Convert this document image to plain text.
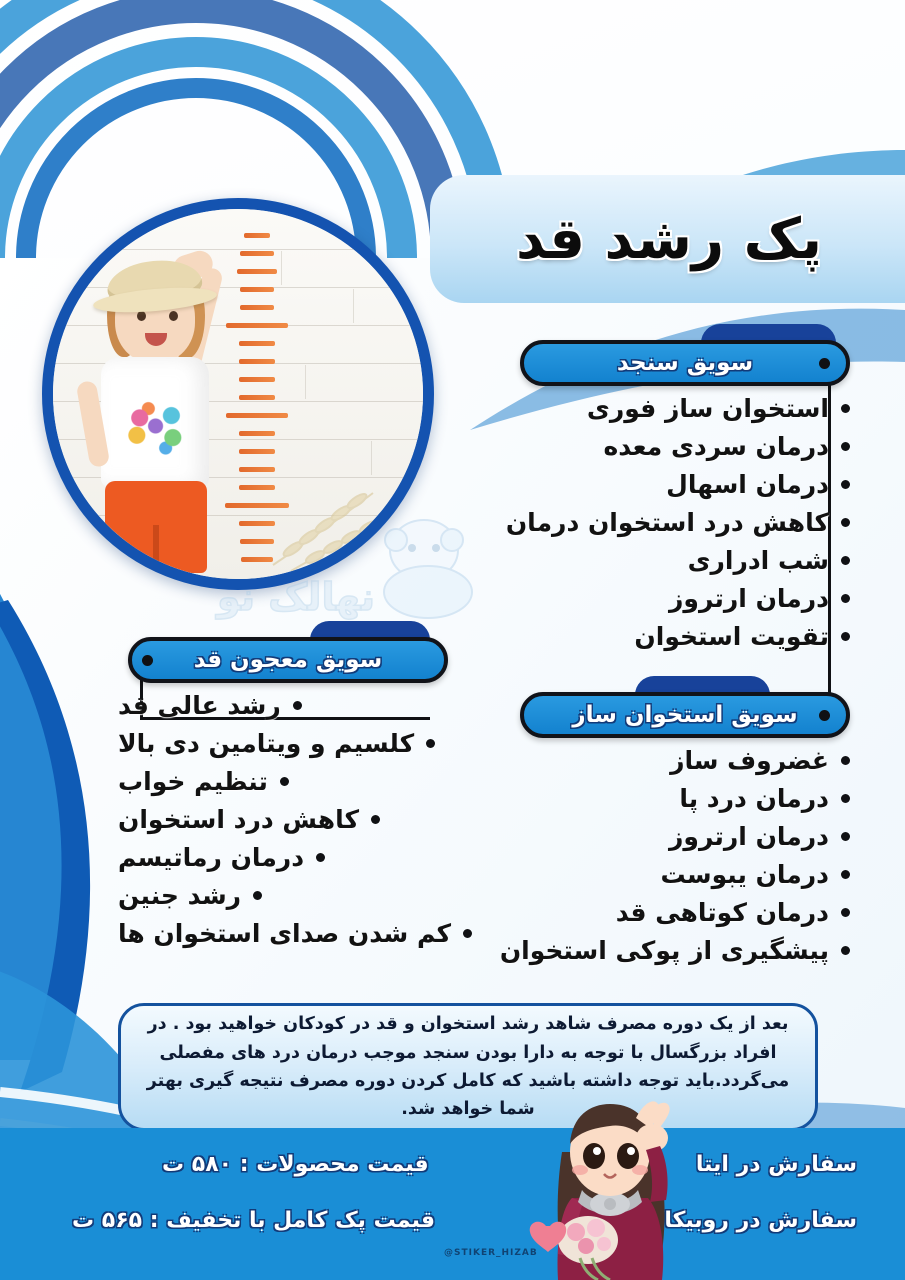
نهالک نو
پک رشد قد
سویق سنجد
استخوان ساز فوری
درمان سردی معده
درمان اسهال
کاهش درد استخوان درمان
شب ادراری
درمان ارتروز
تقویت استخوان
سویق معجون قد
رشد عالی قد
کلسیم و ویتامین دی بالا
تنظیم خواب
کاهش درد استخوان
درمان رماتیسم
رشد جنین
کم شدن صدای استخوان ها
سویق استخوان ساز
غضروف ساز
درمان درد پا
درمان ارتروز
درمان یبوست
درمان کوتاهی قد
پیشگیری از پوکی استخوان

بعد از یک دوره مصرف شاهد رشد استخوان و قد در کودکان خواهید بود . در افراد بزرگسال با توجه به دارا بودن سنجد موجب درمان درد های مفصلی می‌گردد.باید توجه داشته باشید که کامل کردن دوره مصرف نتیجه گیری بهتر شما خواهد شد.

قیمت محصولات : ۵۸۰ ت
قیمت پک کامل با تخفیف : ۵۶۵ ت
سفارش در ایتا
سفارش در روبیکا
@STIKER_HIZAB
